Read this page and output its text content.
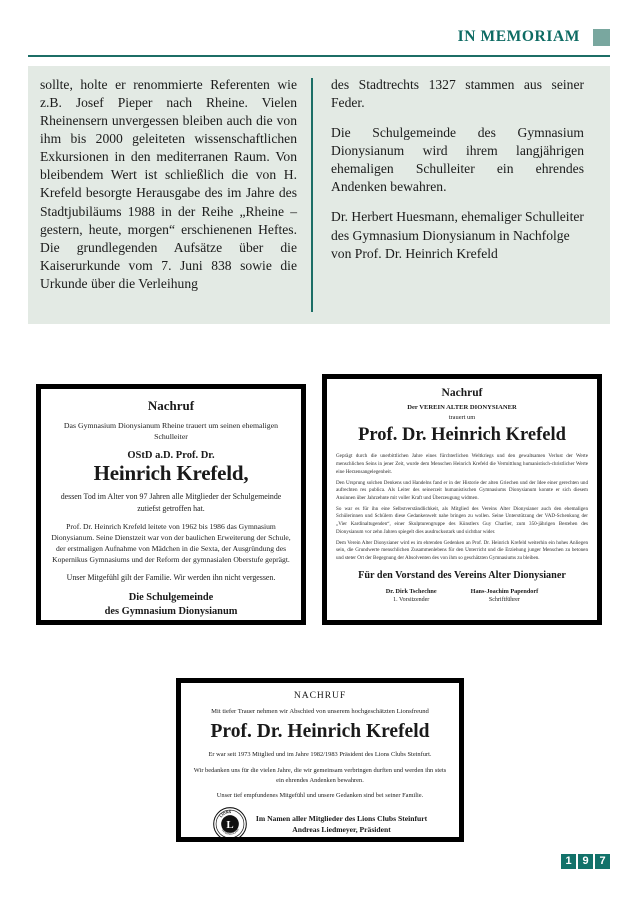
IN MEMORIAM

sollte, holte er renommierte Referenten wie z.B. Josef Pieper nach Rheine. Vielen Rheinensern unvergessen bleiben auch die von ihm bis 2000 geleiteten wissenschaftlichen Exkursionen in den mediterranen Raum. Von bleibendem Wert ist schließlich die von H. Krefeld besorgte Herausgabe des im Jahre des Stadtjubiläums 1988 in der Reihe „Rheine – gestern, heute, morgen“ erschienenen Heftes. Die grundlegenden Aufsätze über die Kaiserurkunde vom 7. Juni 838 sowie die Urkunde über die Verleihung

des Stadtrechts 1327 stammen aus seiner Feder.

Die Schulgemeinde des Gymnasium Dionysianum wird ihrem langjährigen ehemaligen Schulleiter ein ehrendes Andenken bewahren.

Dr. Herbert Huesmann, ehemaliger Schulleiter des Gymnasium Dionysianum in Nachfolge von Prof. Dr. Heinrich Krefeld

Nachruf
Das Gymnasium Dionysianum Rheine trauert um seinen ehemaligen Schulleiter
OStD a.D. Prof. Dr.
Heinrich Krefeld,
dessen Tod im Alter von 97 Jahren alle Mitglieder der Schulgemeinde zutiefst getroffen hat.
Prof. Dr. Heinrich Krefeld leitete von 1962 bis 1986 das Gymnasium Dionysianum. Seine Dienstzeit war von der baulichen Erweiterung der Schule, der erstmaligen Aufnahme von Mädchen in die Sexta, der Ausgründung des Kopernikus Gymnasiums und der Reform der gymnasialen Oberstufe geprägt.
Unser Mitgefühl gilt der Familie. Wir werden ihn nicht vergessen.
Die Schulgemeinde
des Gymnasium Dionysianum
Nachruf
Der VEREIN ALTER DIONYSIANER
trauert um
Prof. Dr. Heinrich Krefeld

Geprägt durch die unerbittlichen Jahre eines fürchterlichen Weltkriegs und den gewaltsamen Verlust der Werte menschlichen Seins in jener Zeit, wurde dem Menschen Heinrich Krefeld die Vermittlung humanistisch-christlicher Werte eine Herzensangelegenheit.

Den Ursprung solchen Denkens und Handelns fand er in der Historie der alten Griechen und der Idee einer gerechten und aufrechten res publica. Als Leiter des seinerzeit humanistischen Gymnasiums Dionysianum konnte er sich diesem Ansinnen über Jahrzehnte mit voller Kraft und Überzeugung widmen.

So war es für ihn eine Selbstverständlichkeit, als Mitglied des Vereins Alter Dionysianer auch den ehemaligen Schülerinnen und Schülern diese Gedankenwelt nahe bringen zu wollen. Seine Unterstützung der VAD-Schenkung der „Vier Kardinaltugenden“, einer Skulpturengruppe des Künstlers Guy Charlier, zum 350-jährigen Bestehen des Dionysianum vor zehn Jahren spiegelt dies ausdrucksstark und sichtbar wider.

Dem Verein Alter Dionysianer wird es im ehrenden Gedenken an Prof. Dr. Heinrich Krefeld weiterhin ein hohes Anliegen sein, die Grundwerte menschlichen Zusammenlebens für den Unterricht und die Erziehung junger Menschen zu betonen und steter Ort der Begegnung der Absolventen des von ihm so geschätzten Gymnasiums zu bleiben.

Für den Vorstand des Vereins Alter Dionysianer
Dr. Dirk Tschechne
1. Vorsitzender
Hans-Joachim Papendorf
Schriftführer
NACHRUF
Mit tiefer Trauer nehmen wir Abschied von unserem hochgeschätzten Lionsfreund
Prof. Dr. Heinrich Krefeld
Er war seit 1973 Mitglied und im Jahre 1982/1983 Präsident des Lions Clubs Steinfurt.
Wir bedanken uns für die vielen Jahre, die wir gemeinsam verbringen durften und werden ihn stets ein ehrendes Andenken bewahren.
Unser tief empfundenes Mitgefühl und unsere Gedanken sind bei seiner Familie.
L
LIONS
INTERNATIONAL
Im Namen aller Mitglieder des Lions Clubs Steinfurt
Andreas Liedmeyer, Präsident
1 9 7
